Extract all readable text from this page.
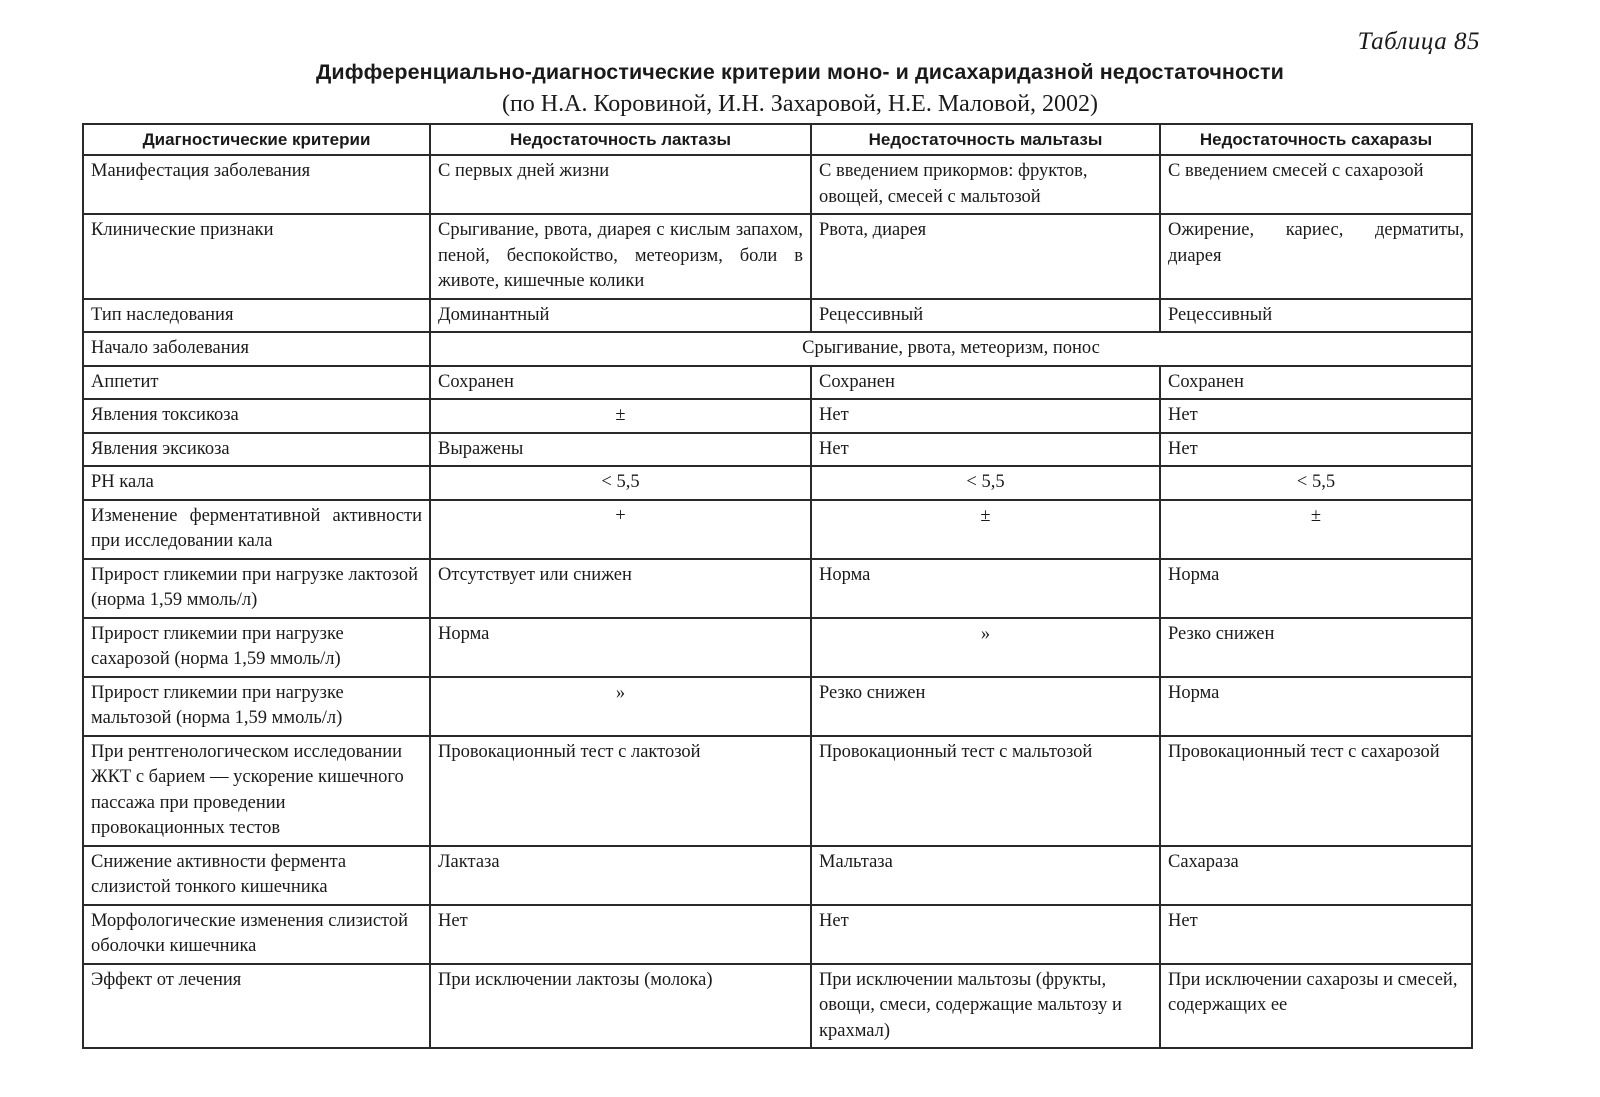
Таблица 85
Дифференциально-диагностические критерии моно- и дисахаридазной недостаточности
(по Н.А. Коровиной, И.Н. Захаровой, Н.Е. Маловой, 2002)
Диагностические критерии	Недостаточность лактазы	Недостаточность мальтазы	Недостаточность сахаразы
Манифестация заболевания	С первых дней жизни	С введением прикормов: фруктов, овощей, смесей с мальтозой	С введением смесей с сахарозой
Клинические признаки	Срыгивание, рвота, диарея с кислым запахом, пеной, беспокойство, метеоризм, боли в животе, кишечные колики	Рвота, диарея	Ожирение, кариес, дерматиты, диарея
Тип наследования	Доминантный	Рецессивный	Рецессивный
Начало заболевания	Срыгивание, рвота, метеоризм, понос		
Аппетит	Сохранен	Сохранен	Сохранен
Явления токсикоза	±	Нет	Нет
Явления эксикоза	Выражены	Нет	Нет
PH кала	< 5,5	< 5,5	< 5,5
Изменение ферментативной активности при исследовании кала	+	±	±
Прирост гликемии при нагрузке лактозой (норма 1,59 ммоль/л)	Отсутствует или снижен	Норма	Норма
Прирост гликемии при нагрузке сахарозой (норма 1,59 ммоль/л)	Норма	»	Резко снижен
Прирост гликемии при нагрузке мальтозой (норма 1,59 ммоль/л)	»	Резко снижен	Норма
При рентгенологическом исследовании ЖКТ с барием — ускорение кишечного пассажа при проведении провокационных тестов	Провокационный тест с лактозой	Провокационный тест с мальтозой	Провокационный тест с сахарозой
Снижение активности фермента слизистой тонкого кишечника	Лактаза	Мальтаза	Сахараза
Морфологические изменения слизистой оболочки кишечника	Нет	Нет	Нет
Эффект от лечения	При исключении лактозы (молока)	При исключении мальтозы (фрукты, овощи, смеси, содержащие мальтозу и крахмал)	При исключении сахарозы и смесей, содержащих ее
